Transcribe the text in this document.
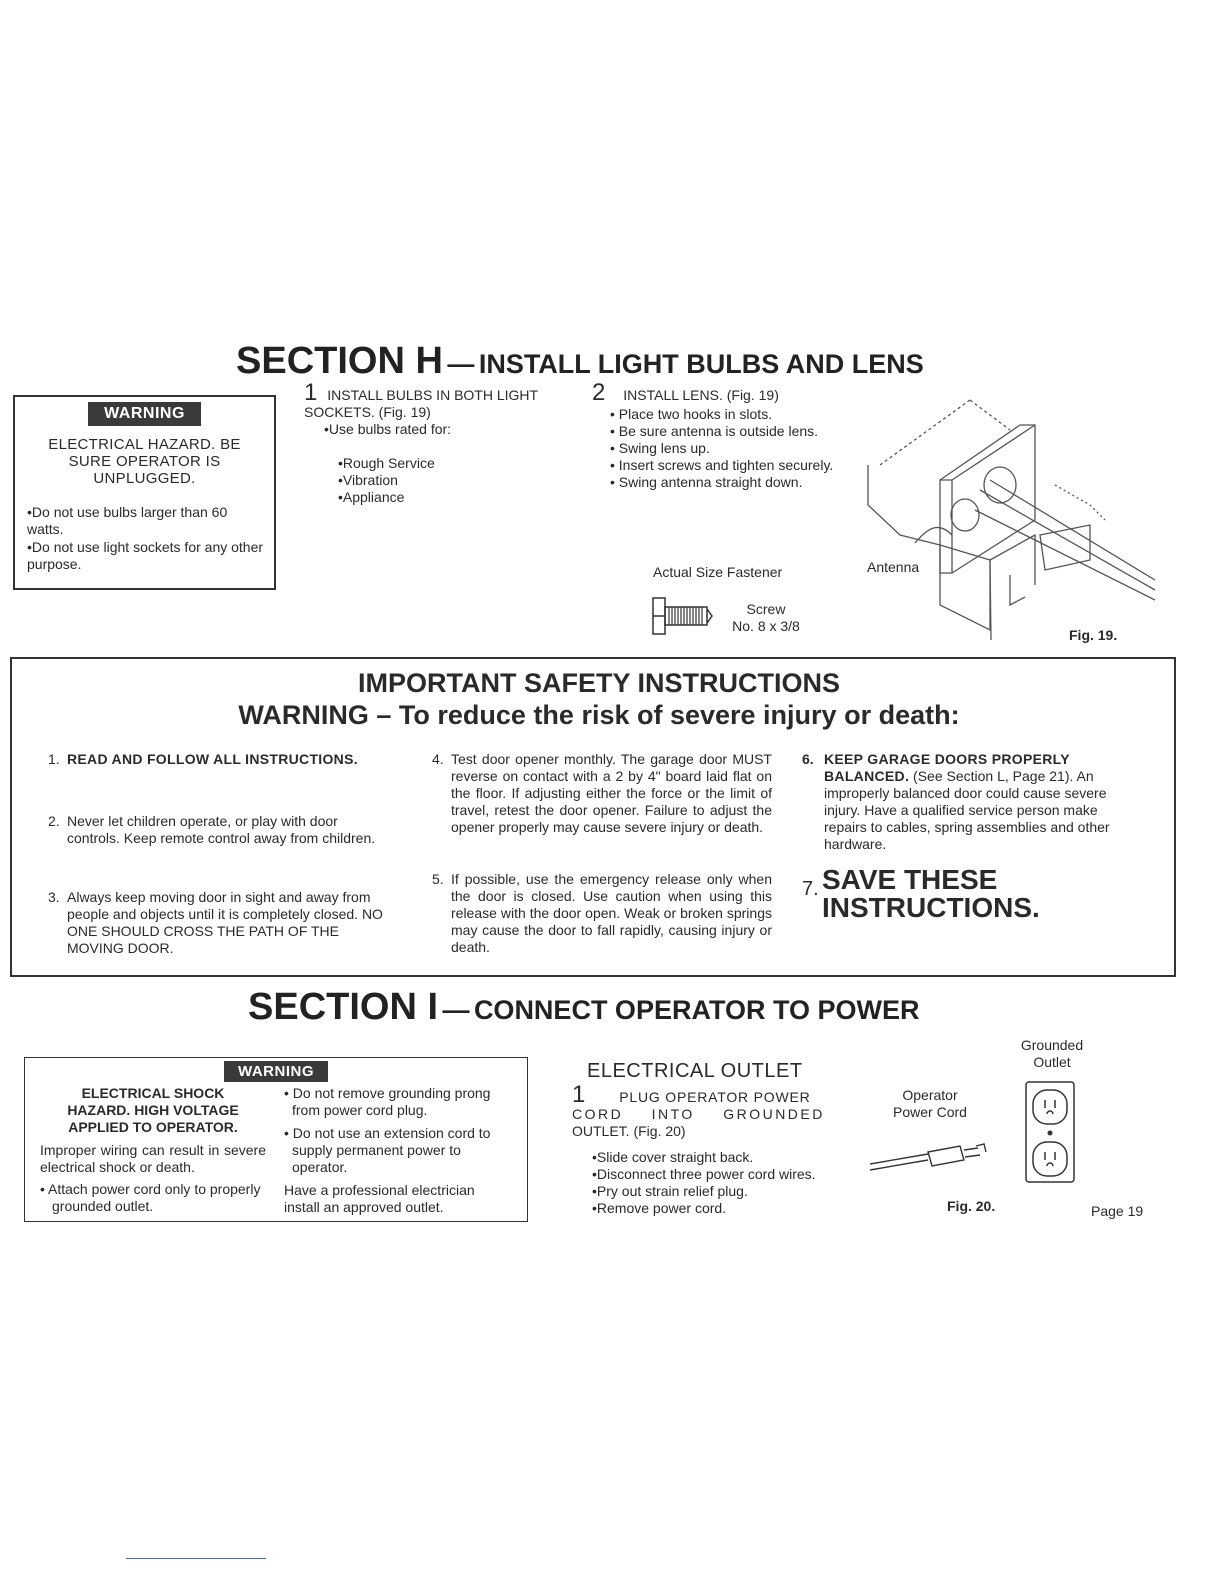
SECTION H — INSTALL LIGHT BULBS AND LENS
WARNING
ELECTRICAL HAZARD. BE SURE OPERATOR IS UNPLUGGED.
•Do not use bulbs larger than 60 watts.
•Do not use light sockets for any other purpose.
1 INSTALL BULBS IN BOTH LIGHT
SOCKETS. (Fig. 19)
•Use bulbs rated for:
•Rough Service
•Vibration
•Appliance
2 INSTALL LENS. (Fig. 19)
• Place two hooks in slots.
• Be sure antenna is outside lens.
• Swing lens up.
• Insert screws and tighten securely.
• Swing antenna straight down.
Actual Size Fastener
Screw
No. 8 x 3/8
Antenna
Fig. 19.
IMPORTANT SAFETY INSTRUCTIONS
WARNING – To reduce the risk of severe injury or death:
1. READ AND FOLLOW ALL INSTRUCTIONS.
2. Never let children operate, or play with door controls. Keep remote control away from children.
3. Always keep moving door in sight and away from people and objects until it is completely closed. NO ONE SHOULD CROSS THE PATH OF THE MOVING DOOR.
4. Test door opener monthly. The garage door MUST reverse on contact with a 2 by 4" board laid flat on the floor. If adjusting either the force or the limit of travel, retest the door opener. Failure to adjust the opener properly may cause severe injury or death.
5. If possible, use the emergency release only when the door is closed. Use caution when using this release with the door open. Weak or broken springs may cause the door to fall rapidly, causing injury or death.
6. KEEP GARAGE DOORS PROPERLY BALANCED. (See Section L, Page 21). An improperly balanced door could cause severe injury. Have a qualified service person make repairs to cables, spring assemblies and other hardware.
7. SAVE THESE INSTRUCTIONS.
SECTION I — CONNECT OPERATOR TO POWER
WARNING
ELECTRICAL SHOCK HAZARD. HIGH VOLTAGE APPLIED TO OPERATOR.
Improper wiring can result in severe electrical shock or death.
• Attach power cord only to properly grounded outlet.
• Do not remove grounding prong from power cord plug.
• Do not use an extension cord to supply permanent power to operator.
Have a professional electrician install an approved outlet.
ELECTRICAL OUTLET
1 PLUG OPERATOR POWER
CORD INTO GROUNDED
OUTLET. (Fig. 20)
•Slide cover straight back.
•Disconnect three power cord wires.
•Pry out strain relief plug.
•Remove power cord.
Operator Power Cord
Grounded Outlet
Fig. 20.	Page 19
